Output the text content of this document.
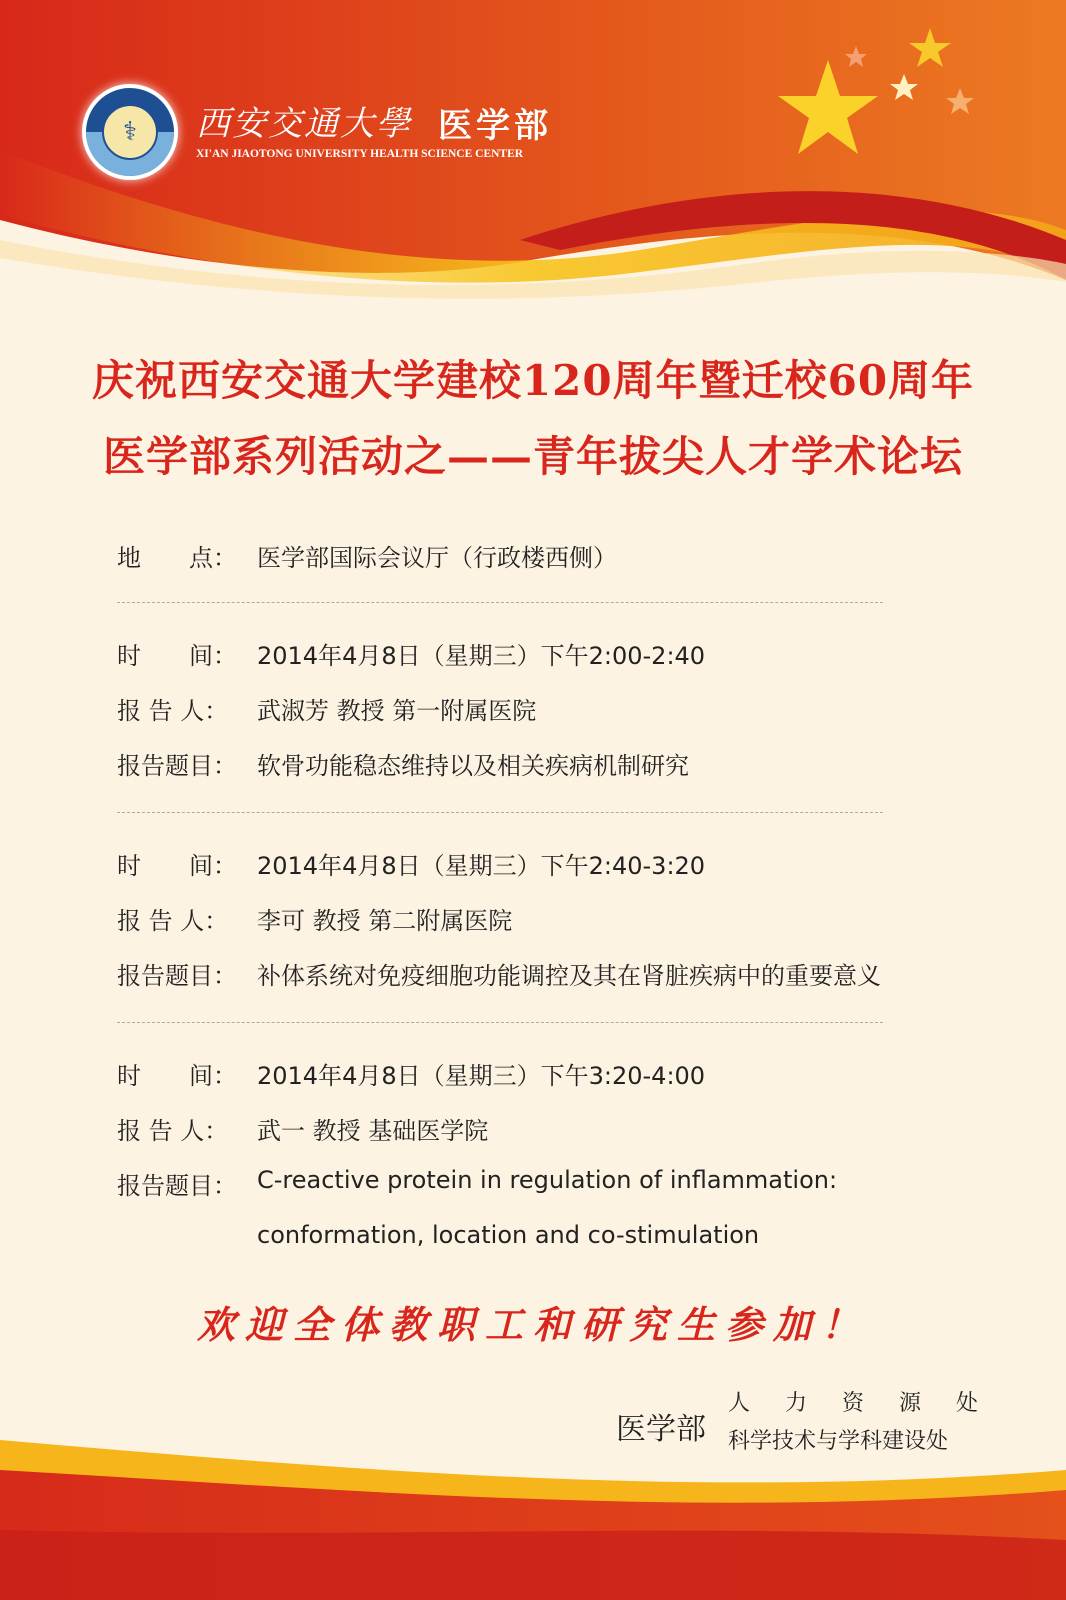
⚕	西安交通大學 医学部
XI'AN JIAOTONG UNIVERSITY HEALTH SCIENCE CENTER
庆祝西安交通大学建校120周年暨迁校60周年
医学部系列活动之——青年拔尖人才学术论坛
地　　点： 医学部国际会议厅（行政楼西侧）
时　　间： 2014年4月8日（星期三）下午2:00-2:40
报 告 人： 武淑芳 教授 第一附属医院
报告题目： 软骨功能稳态维持以及相关疾病机制研究
时　　间： 2014年4月8日（星期三）下午2:40-3:20
报 告 人： 李可 教授 第二附属医院
报告题目： 补体系统对免疫细胞功能调控及其在肾脏疾病中的重要意义
时　　间： 2014年4月8日（星期三）下午3:20-4:00
报 告 人： 武一 教授 基础医学院
报告题目： C-reactive protein in regulation of inflammation:
conformation, location and co-stimulation
欢迎全体教职工和研究生参加！
医学部
人 力 资 源 处
科学技术与学科建设处
